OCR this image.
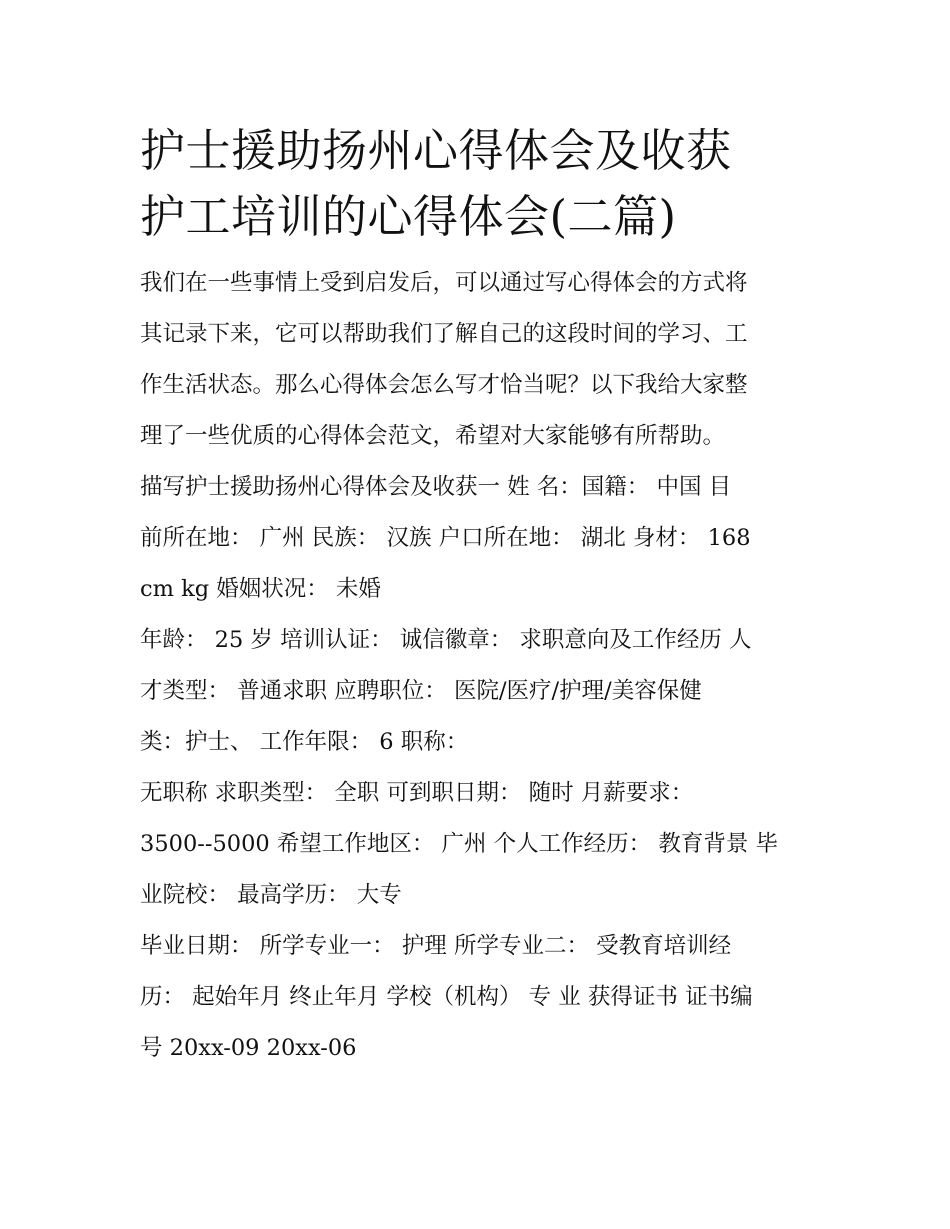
护士援助扬州心得体会及收获
护工培训的心得体会(二篇)
我们在一些事情上受到启发后，可以通过写心得体会的方式将
其记录下来，它可以帮助我们了解自己的这段时间的学习、工
作生活状态。那么心得体会怎么写才恰当呢？以下我给大家整
理了一些优质的心得体会范文，希望对大家能够有所帮助。
描写护士援助扬州心得体会及收获一 姓 名：国籍： 中国 目
前所在地： 广州 民族： 汉族 户口所在地： 湖北 身材： 168
cm kg 婚姻状况： 未婚
年龄： 25 岁 培训认证： 诚信徽章： 求职意向及工作经历 人
才类型： 普通求职 应聘职位： 医院/医疗/护理/美容保健
类：护士、 工作年限： 6 职称：
无职称 求职类型： 全职 可到职日期： 随时 月薪要求：
3500--5000 希望工作地区： 广州 个人工作经历： 教育背景 毕
业院校： 最高学历： 大专
毕业日期： 所学专业一： 护理 所学专业二： 受教育培训经
历： 起始年月 终止年月 学校（机构） 专 业 获得证书 证书编
号 20xx-09 20xx-06
